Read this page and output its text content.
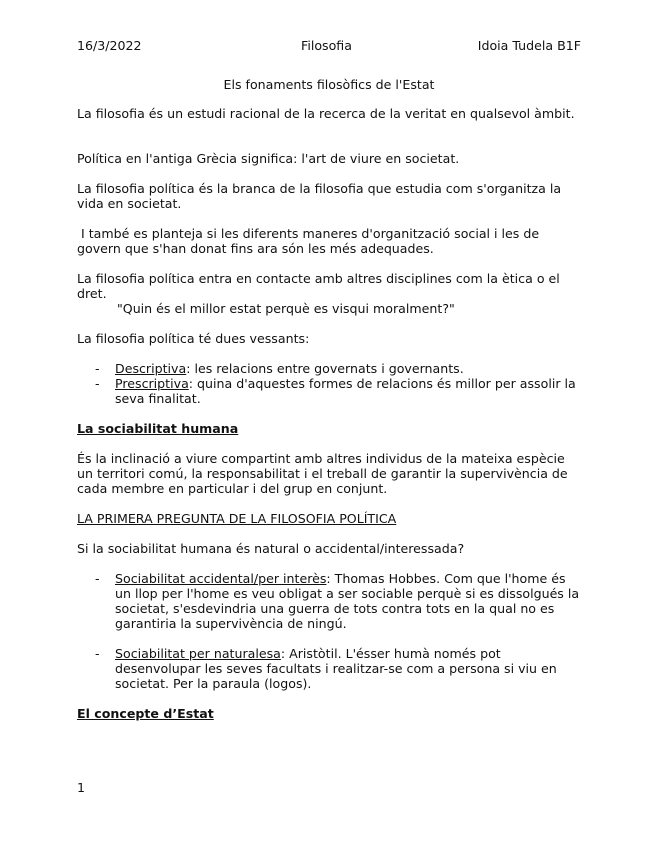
16/3/2022	Filosofia	Idoia Tudela B1F
Els fonaments filosòfics de l'Estat

La filosofia és un estudi racional de la recerca de la veritat en qualsevol àmbit.

Política en l'antiga Grècia significa: l'art de viure en societat.

La filosofia política és la branca de la filosofia que estudia com s'organitza la vida en societat.

I també es planteja si les diferents maneres d'organització social i les de govern que s'han donat fins ara són les més adequades.

La filosofia política entra en contacte amb altres disciplines com la ètica o el dret.

"Quin és el millor estat perquè es visqui moralment?"

La filosofia política té dues vessants:

- Descriptiva: les relacions entre governats i governants.
- Prescriptiva: quina d'aquestes formes de relacions és millor per assolir la seva finalitat.

La sociabilitat humana

És la inclinació a viure compartint amb altres individus de la mateixa espècie un territori comú, la responsabilitat i el treball de garantir la supervivència de cada membre en particular i del grup en conjunt.

LA PRIMERA PREGUNTA DE LA FILOSOFIA POLÍTICA

Si la sociabilitat humana és natural o accidental/interessada?

- Sociabilitat accidental/per interès: Thomas Hobbes. Com que l'home és un llop per l'home es veu obligat a ser sociable perquè si es dissolgués la societat, s'esdevindria una guerra de tots contra tots en la qual no es garantiria la supervivència de ningú.
- Sociabilitat per naturalesa: Aristòtil. L'ésser humà només pot desenvolupar les seves facultats i realitzar-se com a persona si viu en societat. Per la paraula (logos).

El concepte d’Estat

1
